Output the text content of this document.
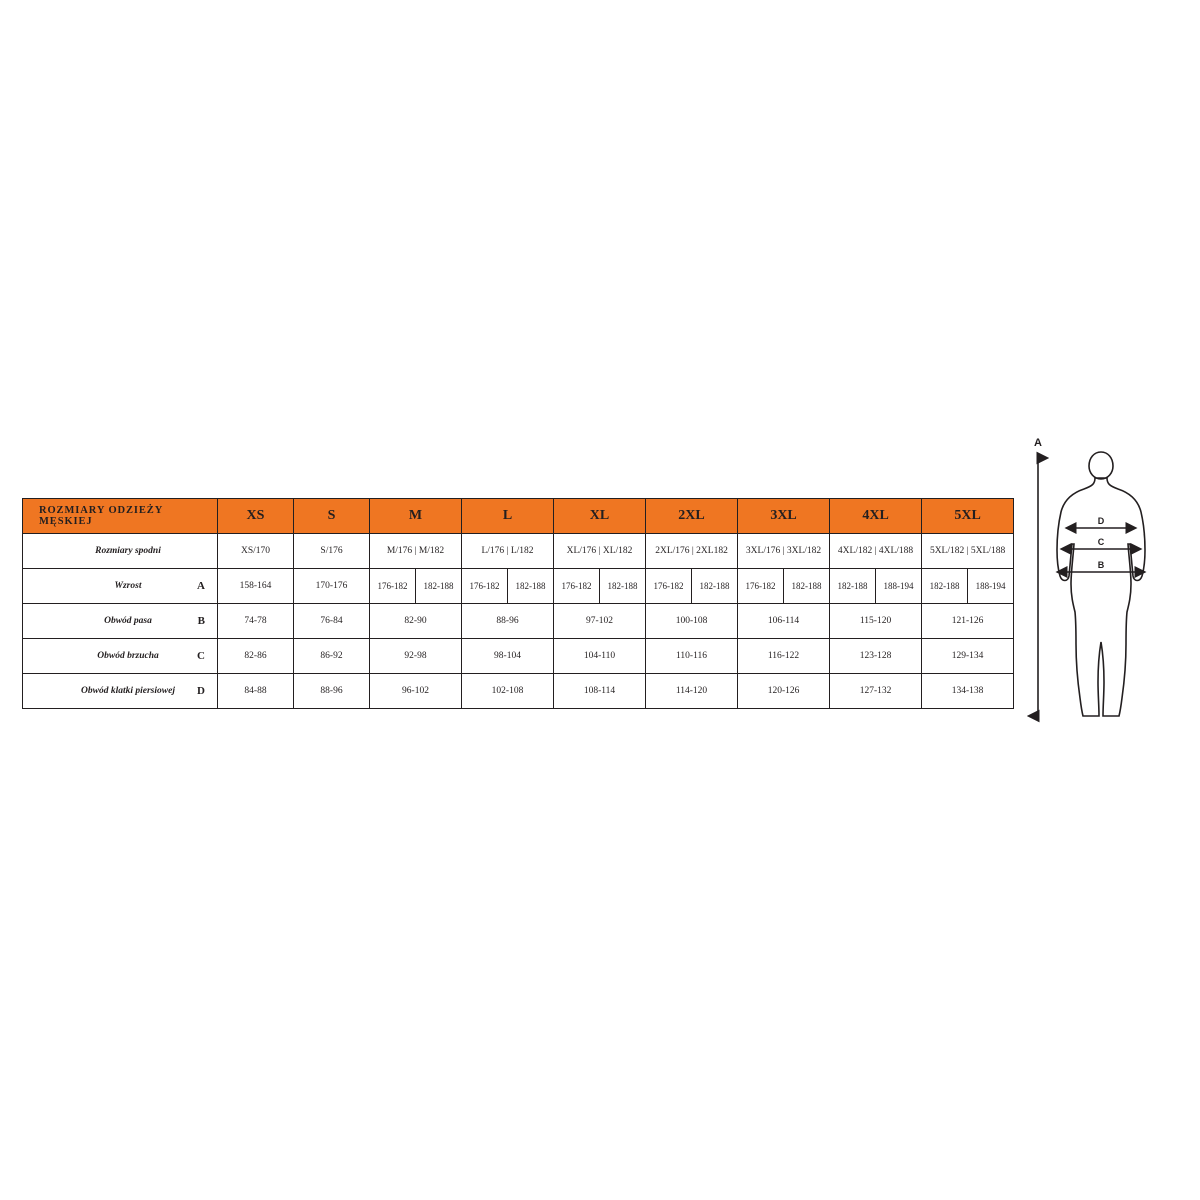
ROZMIARY ODZIEŻY MĘSKIEJ	XS	S	M		L		XL		2XL		3XL		4XL		5XL	
Rozmiary spodni	XS/170	S/176	M/176 | M/182		L/176 | L/182		XL/176 | XL/182		2XL/176 | 2XL182		3XL/176 | 3XL/182		4XL/182 | 4XL/188		5XL/182 | 5XL/188	
Wzrost A	158-164	170-176	176-182	182-188	176-182	182-188	176-182	182-188	176-182	182-188	176-182	182-188	182-188	188-194	182-188	188-194
Obwód pasa B	74-78	76-84	82-90		88-96		97-102		100-108		106-114		115-120		121-126	
Obwód brzucha C	82-86	86-92	92-98		98-104		104-110		110-116		116-122		123-128		129-134	
Obwód klatki piersiowej D	84-88	88-96	96-102		102-108		108-114		114-120		120-126		127-132		134-138	
A
D
C
B
